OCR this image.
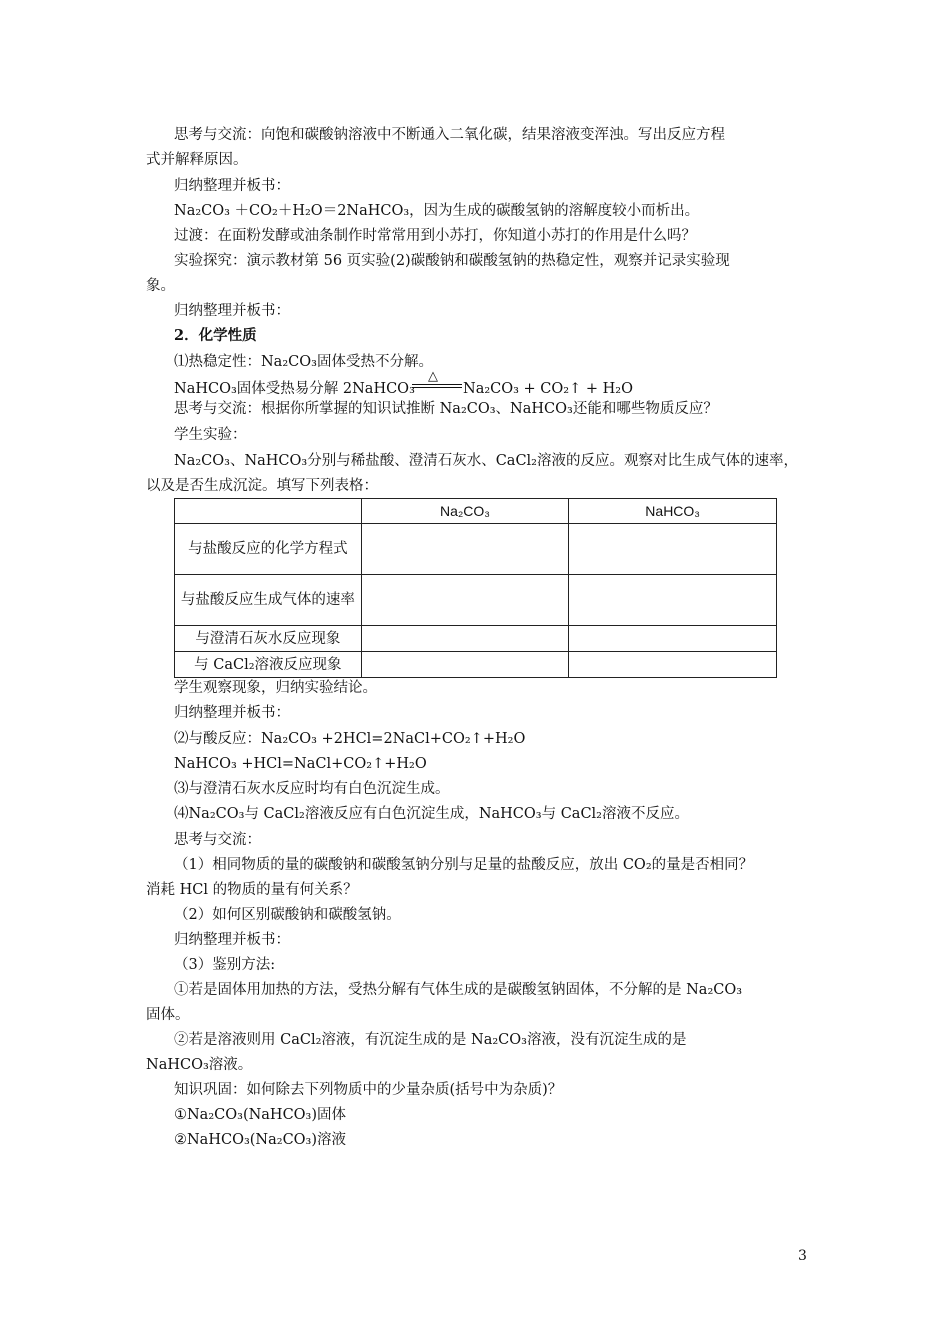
思考与交流：向饱和碳酸钠溶液中不断通入二氧化碳，结果溶液变浑浊。写出反应方程
式并解释原因。
归纳整理并板书：
Na₂CO₃ ＋CO₂＋H₂O＝2NaHCO₃，因为生成的碳酸氢钠的溶解度较小而析出。
过渡：在面粉发酵或油条制作时常常用到小苏打，你知道小苏打的作用是什么吗？
实验探究：演示教材第 56 页实验(2)碳酸钠和碳酸氢钠的热稳定性，观察并记录实验现
象。
归纳整理并板书：
2．化学性质
⑴热稳定性：Na₂CO₃固体受热不分解。
NaHCO₃固体受热易分解 2NaHCO₃
△
Na₂CO₃ + CO₂↑ + H₂O
思考与交流：根据你所掌握的知识试推断 Na₂CO₃、NaHCO₃还能和哪些物质反应？
学生实验：
Na₂CO₃、NaHCO₃分别与稀盐酸、澄清石灰水、CaCl₂溶液的反应。观察对比生成气体的速率，
以及是否生成沉淀。填写下列表格：
	Na₂CO₃	NaHCO₃
与盐酸反应的化学方程式		
与盐酸反应生成气体的速率		
与澄清石灰水反应现象		
与 CaCl₂溶液反应现象		
学生观察现象，归纳实验结论。
归纳整理并板书：
⑵与酸反应：Na₂CO₃ +2HCl=2NaCl+CO₂↑+H₂O
NaHCO₃ +HCl=NaCl+CO₂↑+H₂O
⑶与澄清石灰水反应时均有白色沉淀生成。
⑷Na₂CO₃与 CaCl₂溶液反应有白色沉淀生成，NaHCO₃与 CaCl₂溶液不反应。
思考与交流：
（1）相同物质的量的碳酸钠和碳酸氢钠分别与足量的盐酸反应，放出 CO₂的量是否相同？
消耗 HCl 的物质的量有何关系？
（2）如何区别碳酸钠和碳酸氢钠。
归纳整理并板书：
（3）鉴别方法:
①若是固体用加热的方法，受热分解有气体生成的是碳酸氢钠固体，不分解的是 Na₂CO₃
固体。
②若是溶液则用 CaCl₂溶液，有沉淀生成的是 Na₂CO₃溶液，没有沉淀生成的是
NaHCO₃溶液。
知识巩固：如何除去下列物质中的少量杂质(括号中为杂质)？
①Na₂CO₃(NaHCO₃)固体
②NaHCO₃(Na₂CO₃)溶液
3
